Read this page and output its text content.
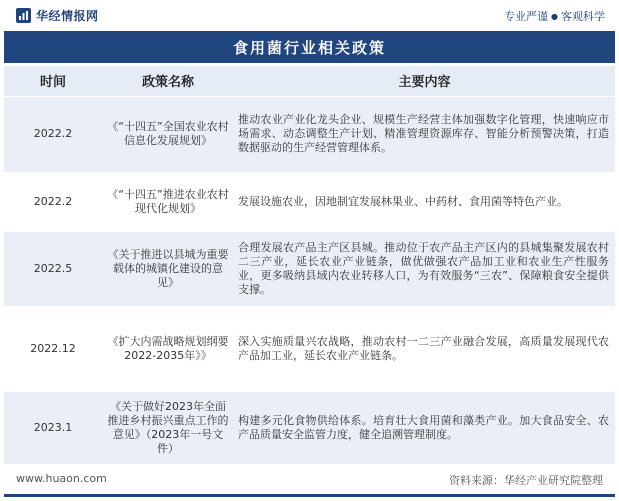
华经情报网	专业严谨 ● 客观科学
食用菌行业相关政策
时间	政策名称	主要内容
2022.2	《“十四五”全国农业农村信息化发展规划》	推动农业产业化龙头企业、规模生产经营主体加强数字化管理，快速响应市场需求、动态调整生产计划、精准管理资源库存、智能分析预警决策，打造数据驱动的生产经营管理体系。
2022.2	《“十四五”推进农业农村现代化规划》	发展设施农业，因地制宜发展林果业、中药材、食用菌等特色产业。
2022.5	《关于推进以县城为重要载体的城镇化建设的意见》	合理发展农产品主产区县城。推动位于农产品主产区内的县城集聚发展农村二三产业，延长农业产业链条，做优做强农产品加工业和农业生产性服务业，更多吸纳县域内农业转移人口，为有效服务“三农”、保障粮食安全提供支撑。
2022.12	《扩大内需战略规划纲要2022-2035年》》	深入实施质量兴农战略，推动农村一二三产业融合发展，高质量发展现代农产品加工业，延长农业产业链条。
2023.1	《关于做好2023年全面推进乡村振兴重点工作的意见》（2023年一号文件）	构建多元化食物供给体系。培育壮大食用菌和藻类产业。加大食品安全、农产品质量安全监管力度，健全追溯管理制度。
www.huaon.com	资料来源：华经产业研究院整理
